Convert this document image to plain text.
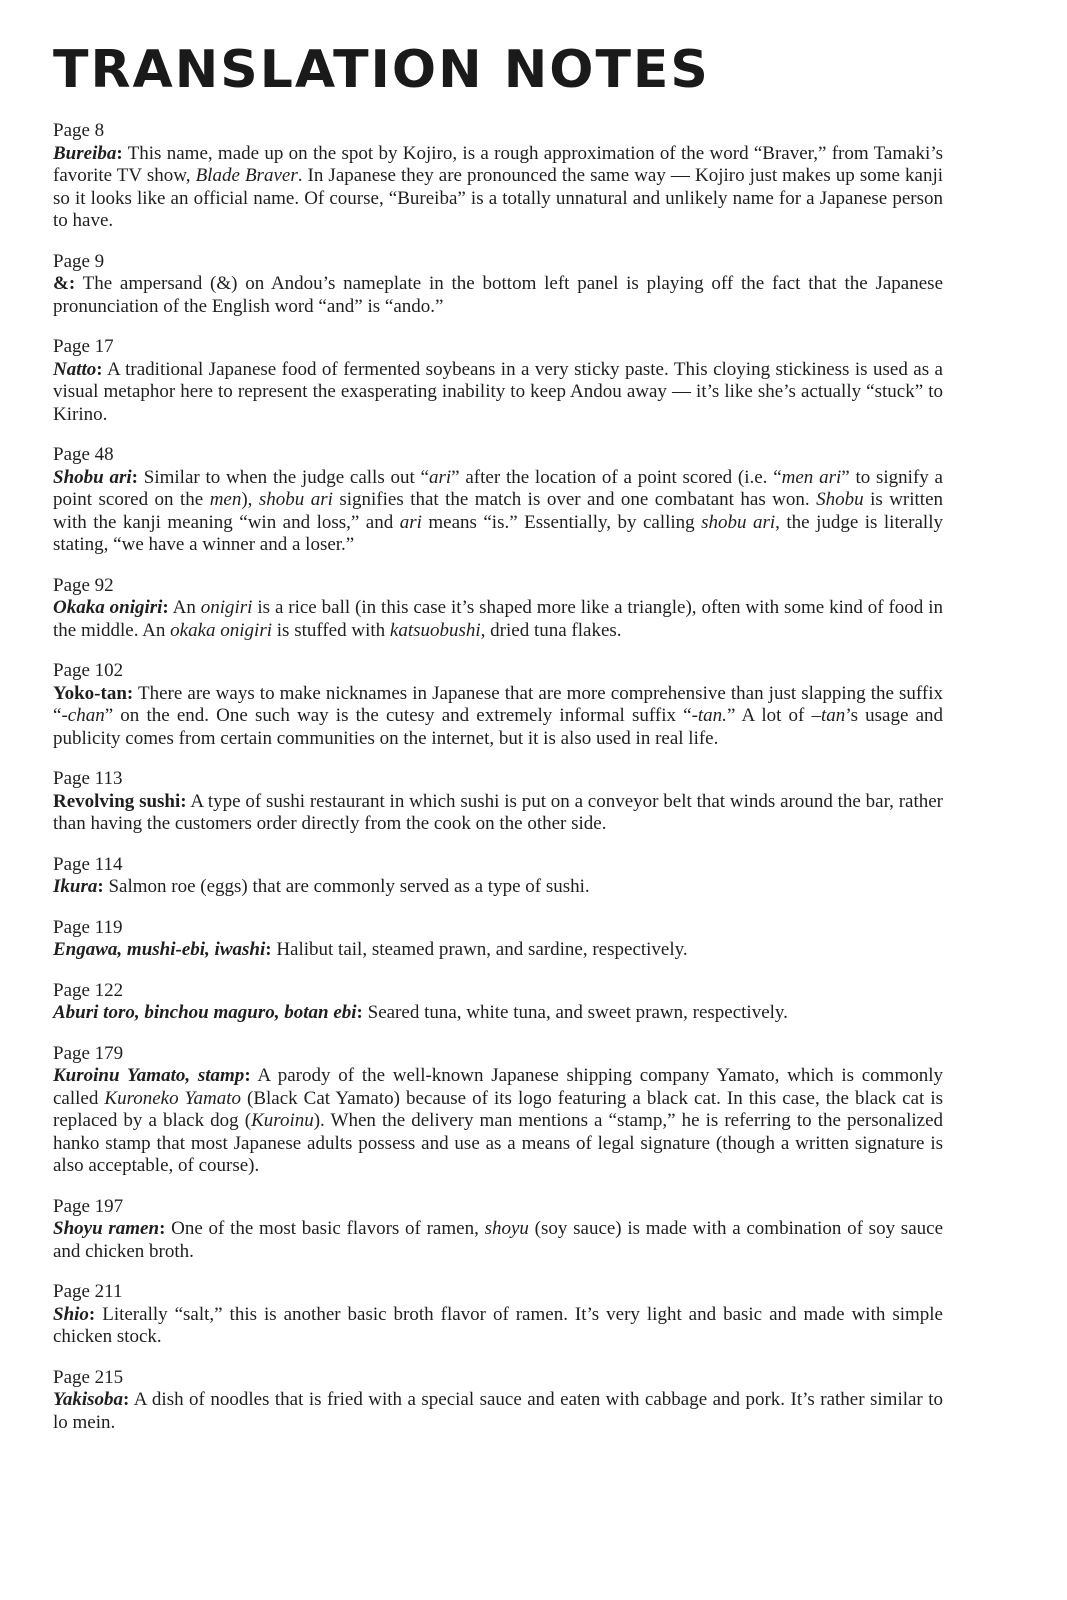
TRANSLATION NOTES
Page 8
Bureiba: This name, made up on the spot by Kojiro, is a rough approximation of the word “Braver,” from Tamaki’s favorite TV show, Blade Braver. In Japanese they are pronounced the same way — Kojiro just makes up some kanji so it looks like an official name. Of course, “Bureiba” is a totally unnatural and unlikely name for a Japanese person to have.
Page 9
&: The ampersand (&) on Andou’s nameplate in the bottom left panel is playing off the fact that the Japanese pronunciation of the English word “and” is “ando.”
Page 17
Natto: A traditional Japanese food of fermented soybeans in a very sticky paste. This cloying stickiness is used as a visual metaphor here to represent the exasperating inability to keep Andou away — it’s like she’s actually “stuck” to Kirino.
Page 48
Shobu ari: Similar to when the judge calls out “ari” after the location of a point scored (i.e. “men ari” to signify a point scored on the men), shobu ari signifies that the match is over and one combatant has won. Shobu is written with the kanji meaning “win and loss,” and ari means “is.” Essentially, by calling shobu ari, the judge is literally stating, “we have a winner and a loser.”
Page 92
Okaka onigiri: An onigiri is a rice ball (in this case it’s shaped more like a triangle), often with some kind of food in the middle. An okaka onigiri is stuffed with katsuobushi, dried tuna flakes.
Page 102
Yoko-tan: There are ways to make nicknames in Japanese that are more comprehensive than just slapping the suffix “-chan” on the end. One such way is the cutesy and extremely informal suffix “-tan.” A lot of –tan’s usage and publicity comes from certain communities on the internet, but it is also used in real life.
Page 113
Revolving sushi: A type of sushi restaurant in which sushi is put on a conveyor belt that winds around the bar, rather than having the customers order directly from the cook on the other side.
Page 114
Ikura: Salmon roe (eggs) that are commonly served as a type of sushi.
Page 119
Engawa, mushi-ebi, iwashi: Halibut tail, steamed prawn, and sardine, respectively.
Page 122
Aburi toro, binchou maguro, botan ebi: Seared tuna, white tuna, and sweet prawn, respectively.
Page 179
Kuroinu Yamato, stamp: A parody of the well-known Japanese shipping company Yamato, which is commonly called Kuroneko Yamato (Black Cat Yamato) because of its logo featuring a black cat. In this case, the black cat is replaced by a black dog (Kuroinu). When the delivery man mentions a “stamp,” he is referring to the personalized hanko stamp that most Japanese adults possess and use as a means of legal signature (though a written signature is also acceptable, of course).
Page 197
Shoyu ramen: One of the most basic flavors of ramen, shoyu (soy sauce) is made with a combination of soy sauce and chicken broth.
Page 211
Shio: Literally “salt,” this is another basic broth flavor of ramen. It’s very light and basic and made with simple chicken stock.
Page 215
Yakisoba: A dish of noodles that is fried with a special sauce and eaten with cabbage and pork. It’s rather similar to lo mein.
